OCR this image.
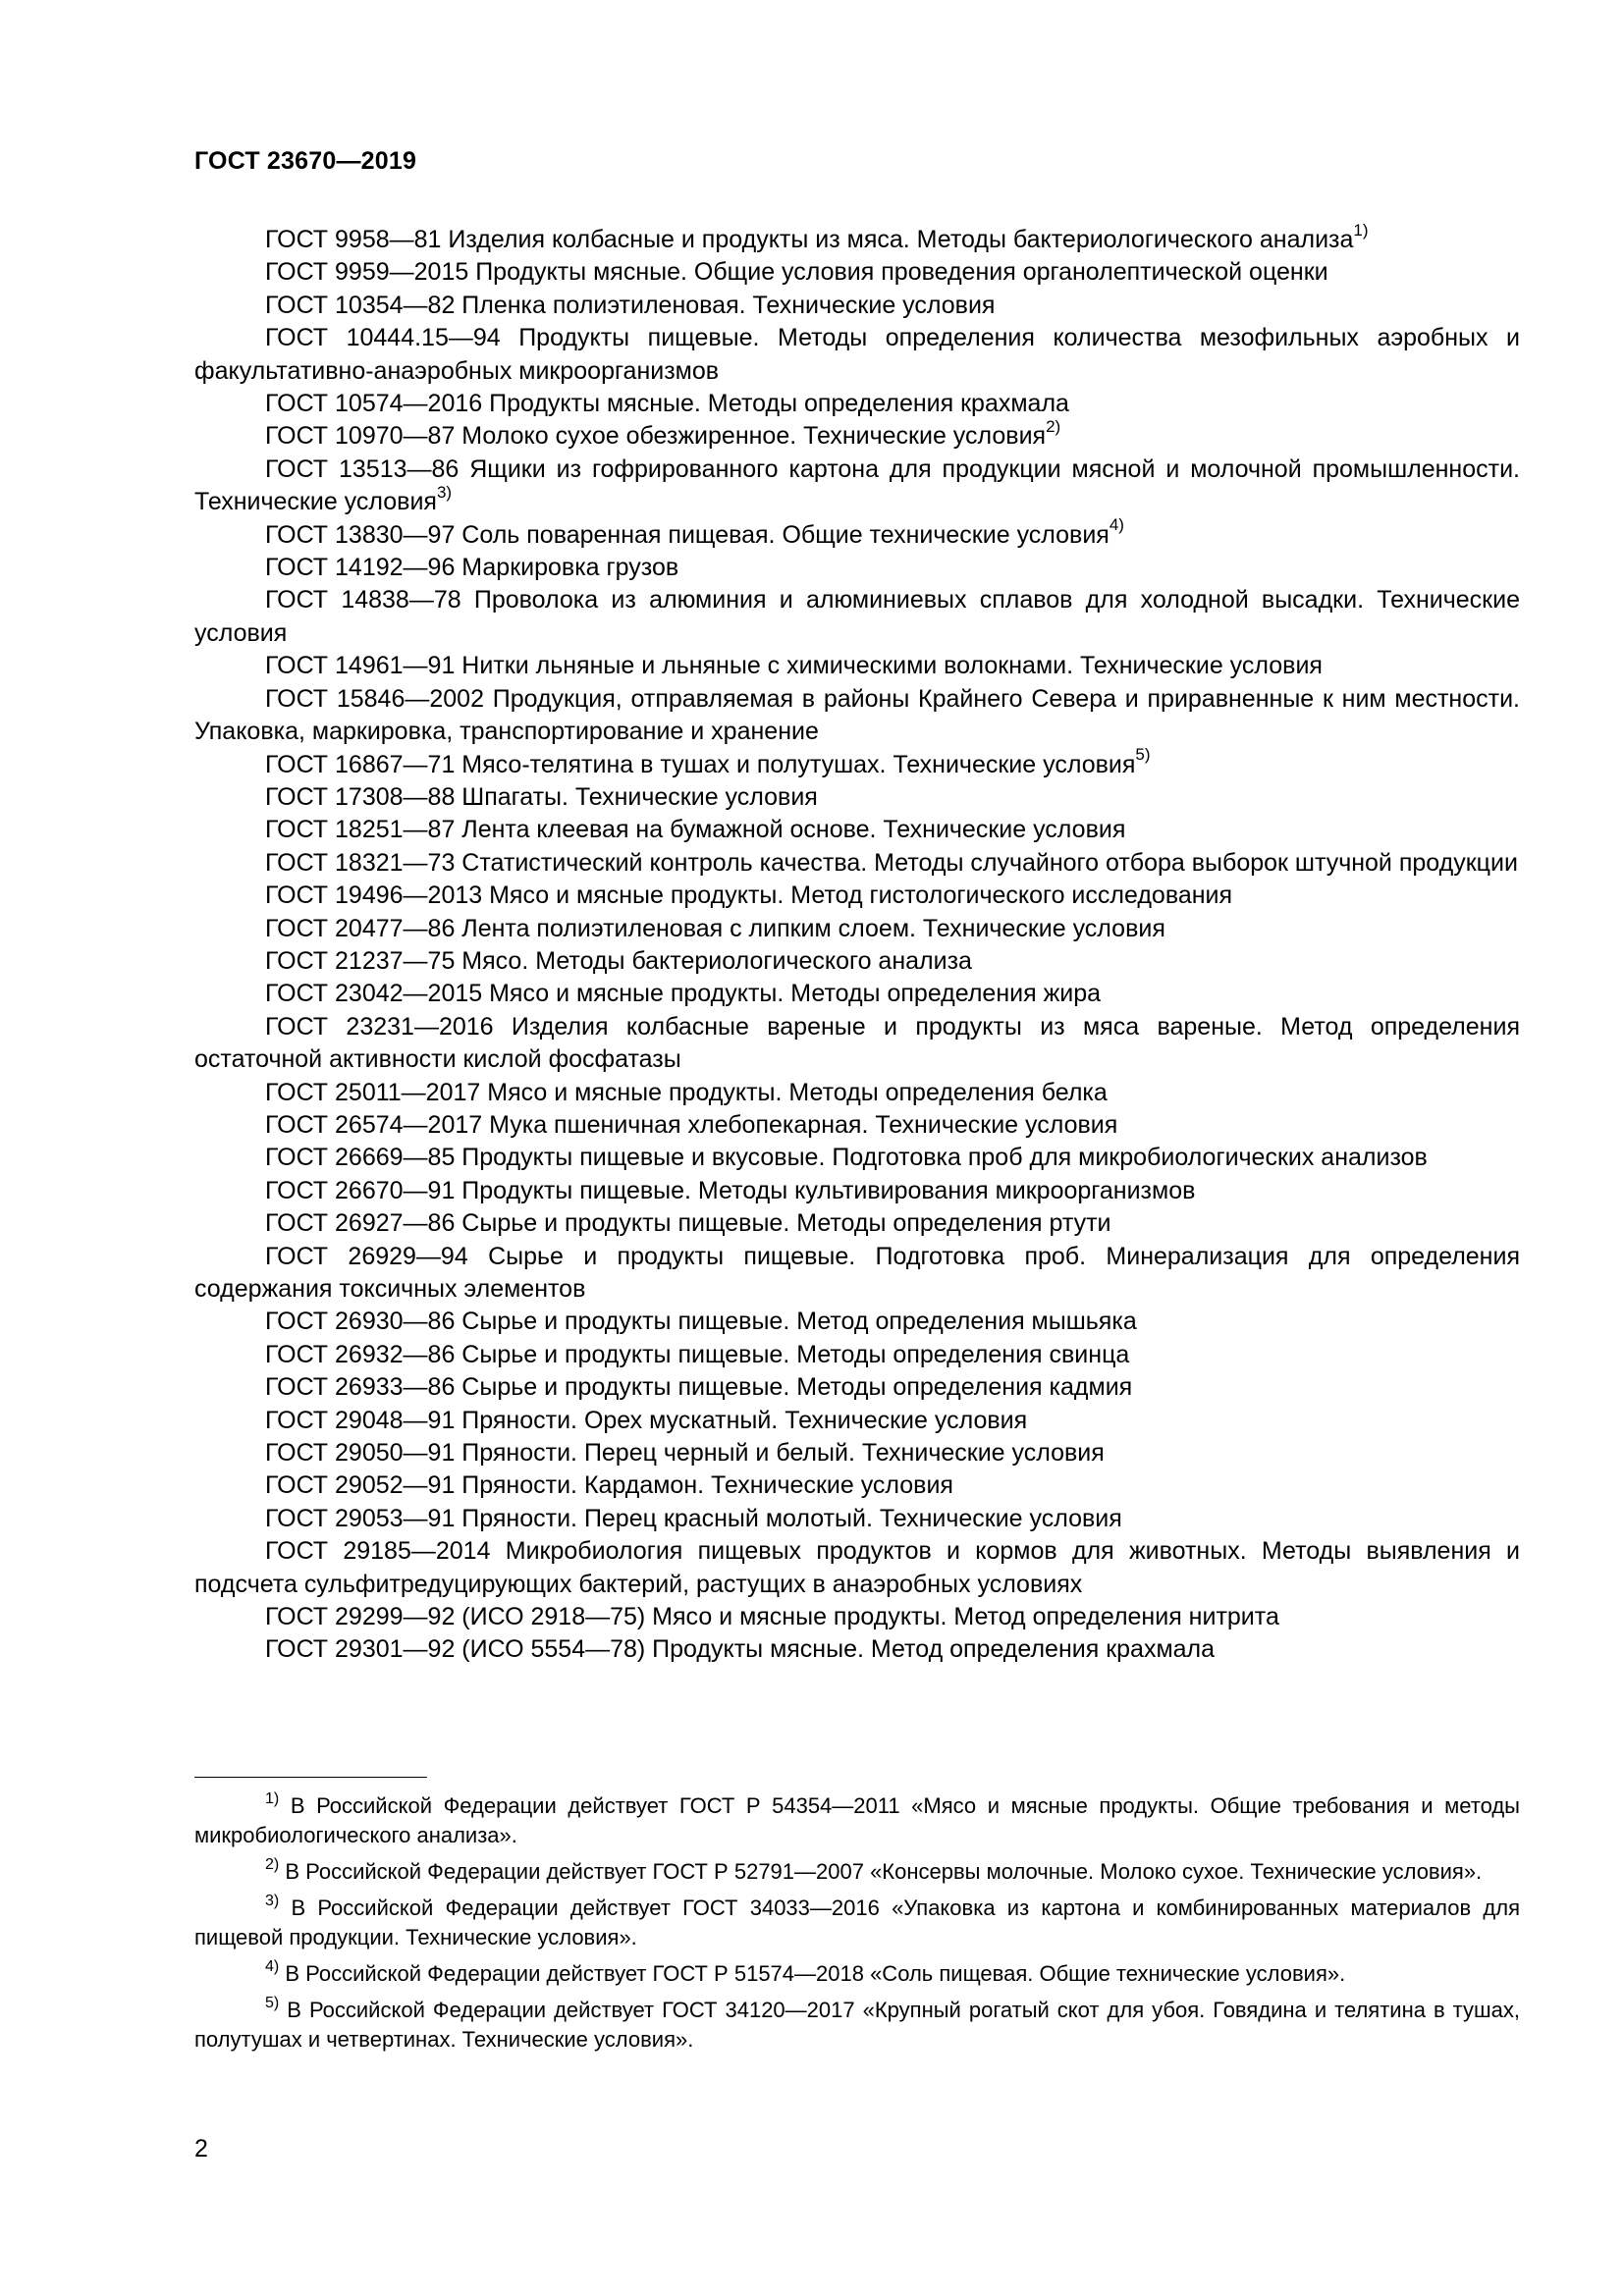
ГОСТ 23670—2019
ГОСТ 9958—81 Изделия колбасные и продукты из мяса. Методы бактериологического анализа$^{1)}$
ГОСТ 9959—2015 Продукты мясные. Общие условия проведения органолептической оценки
ГОСТ 10354—82 Пленка полиэтиленовая. Технические условия
ГОСТ 10444.15—94 Продукты пищевые. Методы определения количества мезофильных аэробных и факультативно-анаэробных микроорганизмов
ГОСТ 10574—2016 Продукты мясные. Методы определения крахмала
ГОСТ 10970—87 Молоко сухое обезжиренное. Технические условия$^{2)}$
ГОСТ 13513—86 Ящики из гофрированного картона для продукции мясной и молочной промышленности. Технические условия$^{3)}$
ГОСТ 13830—97 Соль поваренная пищевая. Общие технические условия$^{4)}$
ГОСТ 14192—96 Маркировка грузов
ГОСТ 14838—78 Проволока из алюминия и алюминиевых сплавов для холодной высадки. Технические условия
ГОСТ 14961—91 Нитки льняные и льняные с химическими волокнами. Технические условия
ГОСТ 15846—2002 Продукция, отправляемая в районы Крайнего Севера и приравненные к ним местности. Упаковка, маркировка, транспортирование и хранение
ГОСТ 16867—71 Мясо-телятина в тушах и полутушах. Технические условия$^{5)}$
ГОСТ 17308—88 Шпагаты. Технические условия
ГОСТ 18251—87 Лента клеевая на бумажной основе. Технические условия
ГОСТ 18321—73 Статистический контроль качества. Методы случайного отбора выборок штучной продукции
ГОСТ 19496—2013 Мясо и мясные продукты. Метод гистологического исследования
ГОСТ 20477—86 Лента полиэтиленовая с липким слоем. Технические условия
ГОСТ 21237—75 Мясо. Методы бактериологического анализа
ГОСТ 23042—2015 Мясо и мясные продукты. Методы определения жира
ГОСТ 23231—2016 Изделия колбасные вареные и продукты из мяса вареные. Метод определения остаточной активности кислой фосфатазы
ГОСТ 25011—2017 Мясо и мясные продукты. Методы определения белка
ГОСТ 26574—2017 Мука пшеничная хлебопекарная. Технические условия
ГОСТ 26669—85 Продукты пищевые и вкусовые. Подготовка проб для микробиологических анализов
ГОСТ 26670—91 Продукты пищевые. Методы культивирования микроорганизмов
ГОСТ 26927—86 Сырье и продукты пищевые. Методы определения ртути
ГОСТ 26929—94 Сырье и продукты пищевые. Подготовка проб. Минерализация для определения содержания токсичных элементов
ГОСТ 26930—86 Сырье и продукты пищевые. Метод определения мышьяка
ГОСТ 26932—86 Сырье и продукты пищевые. Методы определения свинца
ГОСТ 26933—86 Сырье и продукты пищевые. Методы определения кадмия
ГОСТ 29048—91 Пряности. Орех мускатный. Технические условия
ГОСТ 29050—91 Пряности. Перец черный и белый. Технические условия
ГОСТ 29052—91 Пряности. Кардамон. Технические условия
ГОСТ 29053—91 Пряности. Перец красный молотый. Технические условия
ГОСТ 29185—2014 Микробиология пищевых продуктов и кормов для животных. Методы выявления и подсчета сульфитредуцирующих бактерий, растущих в анаэробных условиях
ГОСТ 29299—92 (ИСО 2918—75) Мясо и мясные продукты. Метод определения нитрита
ГОСТ 29301—92 (ИСО 5554—78) Продукты мясные. Метод определения крахмала
$^{1)}$ В Российской Федерации действует ГОСТ Р 54354—2011 «Мясо и мясные продукты. Общие требования и методы микробиологического анализа».
$^{2)}$ В Российской Федерации действует ГОСТ Р 52791—2007 «Консервы молочные. Молоко сухое. Технические условия».
$^{3)}$ В Российской Федерации действует ГОСТ 34033—2016 «Упаковка из картона и комбинированных материалов для пищевой продукции. Технические условия».
$^{4)}$ В Российской Федерации действует ГОСТ Р 51574—2018 «Соль пищевая. Общие технические условия».
$^{5)}$ В Российской Федерации действует ГОСТ 34120—2017 «Крупный рогатый скот для убоя. Говядина и телятина в тушах, полутушах и четвертинах. Технические условия».
2
